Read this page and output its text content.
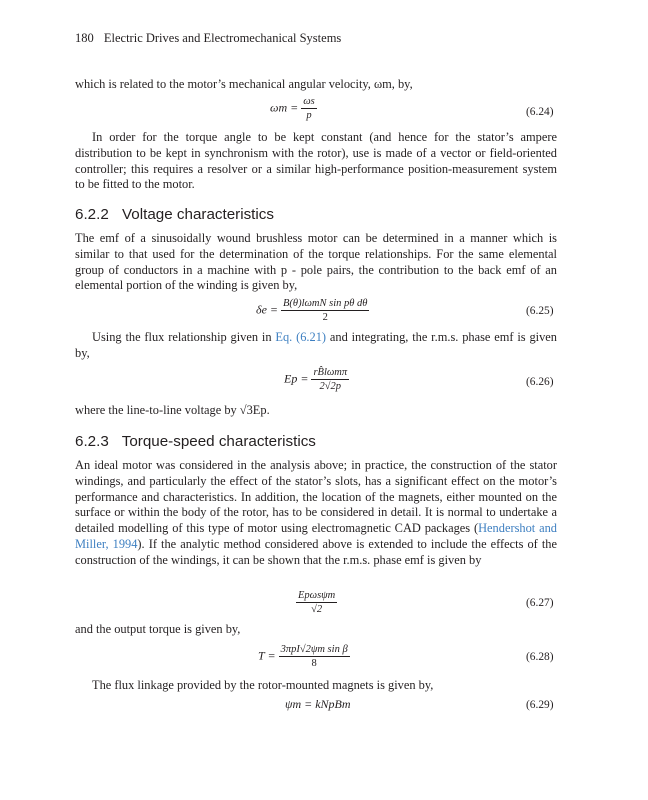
180 Electric Drives and Electromechanical Systems
which is related to the motor’s mechanical angular velocity, ωm, by,
$\omega m = \frac{\omega s}{p}$	(6.24)
In order for the torque angle to be kept constant (and hence for the stator’s ampere distribution to be kept in synchronism with the rotor), use is made of a vector or field-oriented controller; this requires a resolver or a similar high-performance position-measurement system to be fitted to the motor.
6.2.2 Voltage characteristics
The emf of a sinusoidally wound brushless motor can be determined in a manner which is similar to that used for the determination of the torque relationships. For the same elemental group of conductors in a machine with p - pole pairs, the contribution to the back emf of an elemental portion of the winding is given by,
$\delta e = \frac{\text{B(θ)lωmN sin pθ dθ}}{2}$	(6.25)
Using the flux relationship given in Eq. (6.21) and integrating, the r.m.s. phase emf is given by,
$Ep = \frac{\text{rB̂lωmπ}}{2√2p}$	(6.26)
where the line-to-line voltage by √3Ep.
6.2.3 Torque-speed characteristics
An ideal motor was considered in the analysis above; in practice, the construction of the stator windings, and particularly the effect of the stator’s slots, has a significant effect on the motor’s performance and characteristics. In addition, the location of the magnets, either mounted on the surface or within the body of the rotor, has to be considered in detail. It is normal to undertake a detailed modelling of this type of motor using electromagnetic CAD packages (Hendershot and Miller, 1994). If the analytic method considered above is extended to include the effects of the construction of the windings, it can be shown that the r.m.s. phase emf is given by
$\frac{\text{Epωsψm}}{√2}$	(6.27)
and the output torque is given by,
$T = \frac{\text{3πpI√2ψm sin β}}{8}$	(6.28)
The flux linkage provided by the rotor-mounted magnets is given by,
ψm = kNpBm	(6.29)
